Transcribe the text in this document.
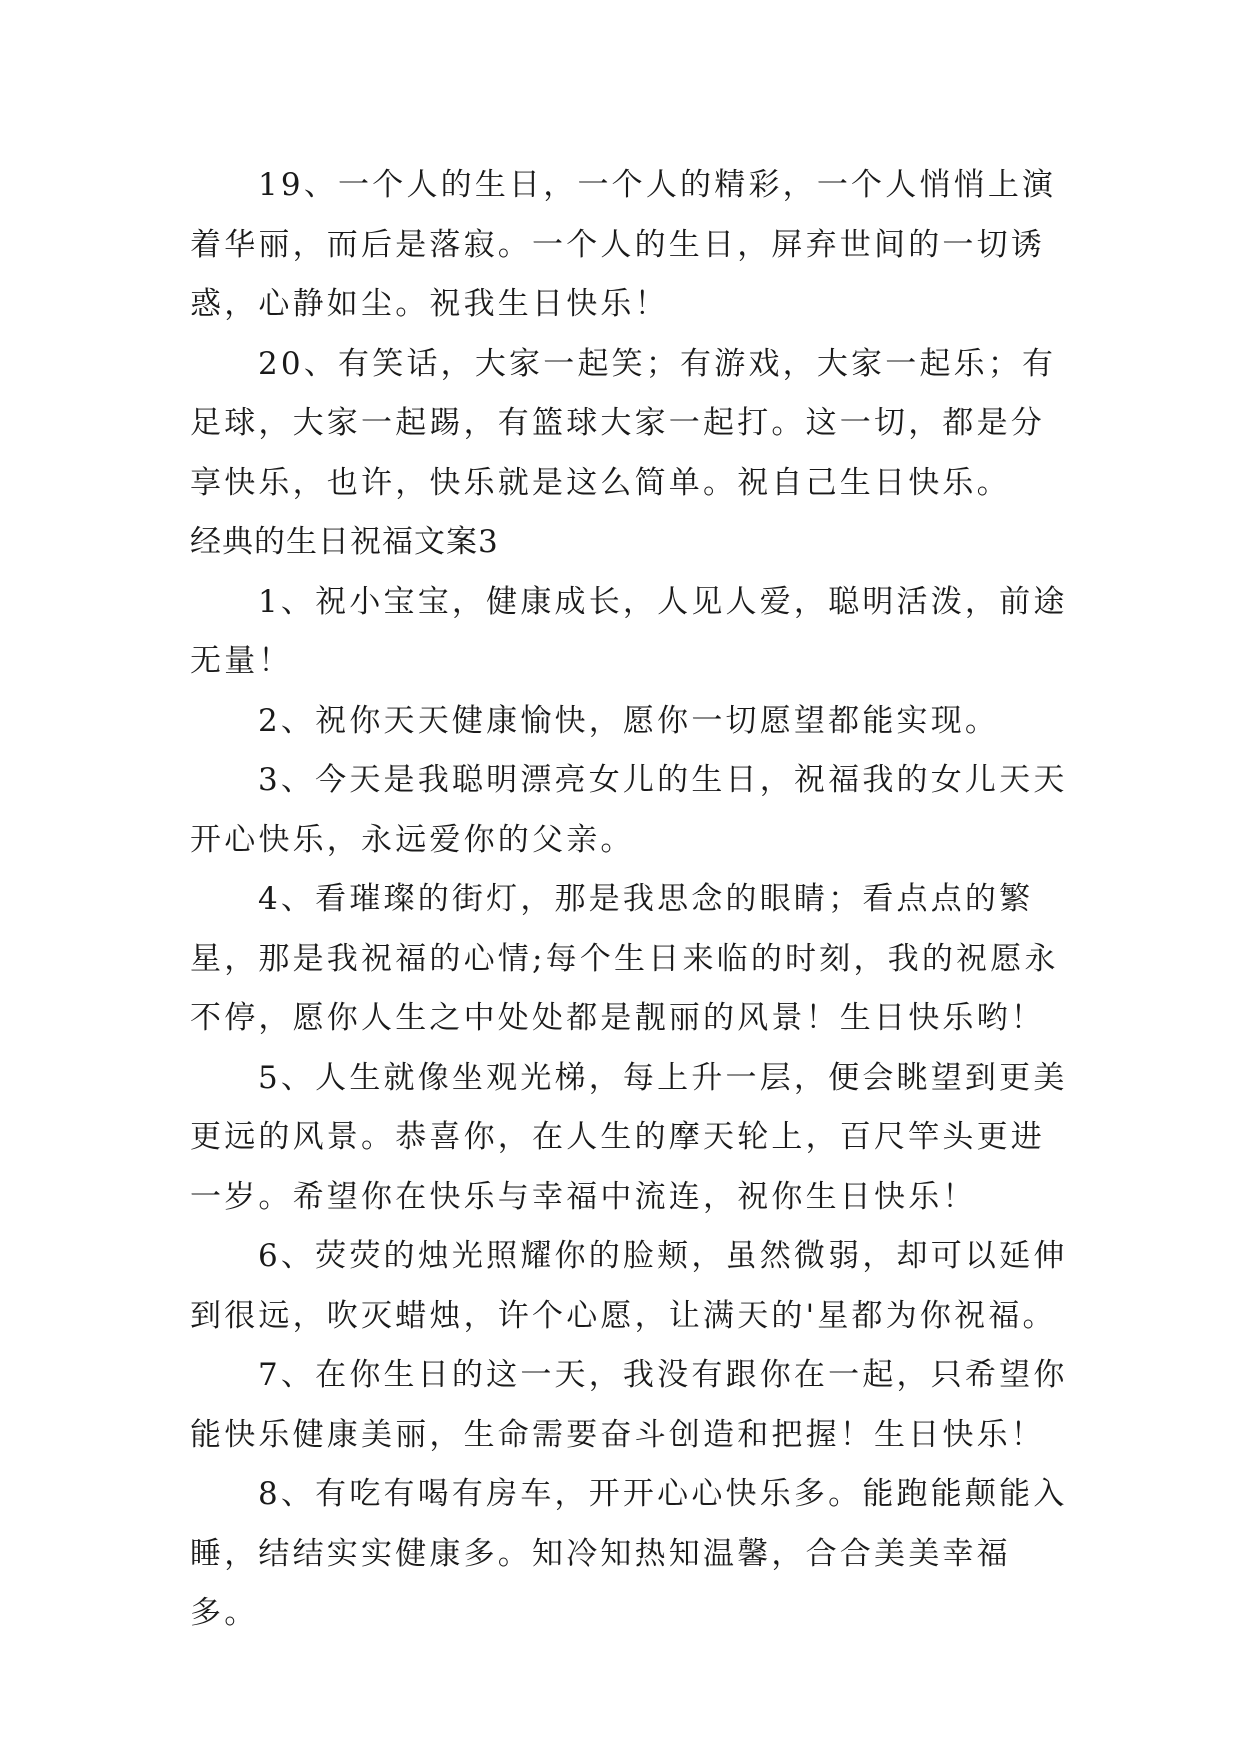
19、一个人的生日，一个人的精彩，一个人悄悄上演着华丽，而后是落寂。一个人的生日，屏弃世间的一切诱惑，心静如尘。祝我生日快乐！

20、有笑话，大家一起笑；有游戏，大家一起乐；有足球，大家一起踢，有篮球大家一起打。这一切，都是分享快乐，也许，快乐就是这么简单。祝自己生日快乐。

经典的生日祝福文案3

1、祝小宝宝，健康成长，人见人爱，聪明活泼，前途无量！

2、祝你天天健康愉快，愿你一切愿望都能实现。

3、今天是我聪明漂亮女儿的生日，祝福我的女儿天天开心快乐，永远爱你的父亲。

4、看璀璨的街灯，那是我思念的眼睛；看点点的繁星，那是我祝福的心情;每个生日来临的时刻，我的祝愿永不停，愿你人生之中处处都是靓丽的风景！生日快乐哟！

5、人生就像坐观光梯，每上升一层，便会眺望到更美更远的风景。恭喜你，在人生的摩天轮上，百尺竿头更进一岁。希望你在快乐与幸福中流连，祝你生日快乐！

6、荧荧的烛光照耀你的脸颊，虽然微弱，却可以延伸到很远，吹灭蜡烛，许个心愿，让满天的'星都为你祝福。

7、在你生日的这一天，我没有跟你在一起，只希望你能快乐健康美丽，生命需要奋斗创造和把握！生日快乐！

8、有吃有喝有房车，开开心心快乐多。能跑能颠能入睡，结结实实健康多。知冷知热知温馨，合合美美幸福多。
